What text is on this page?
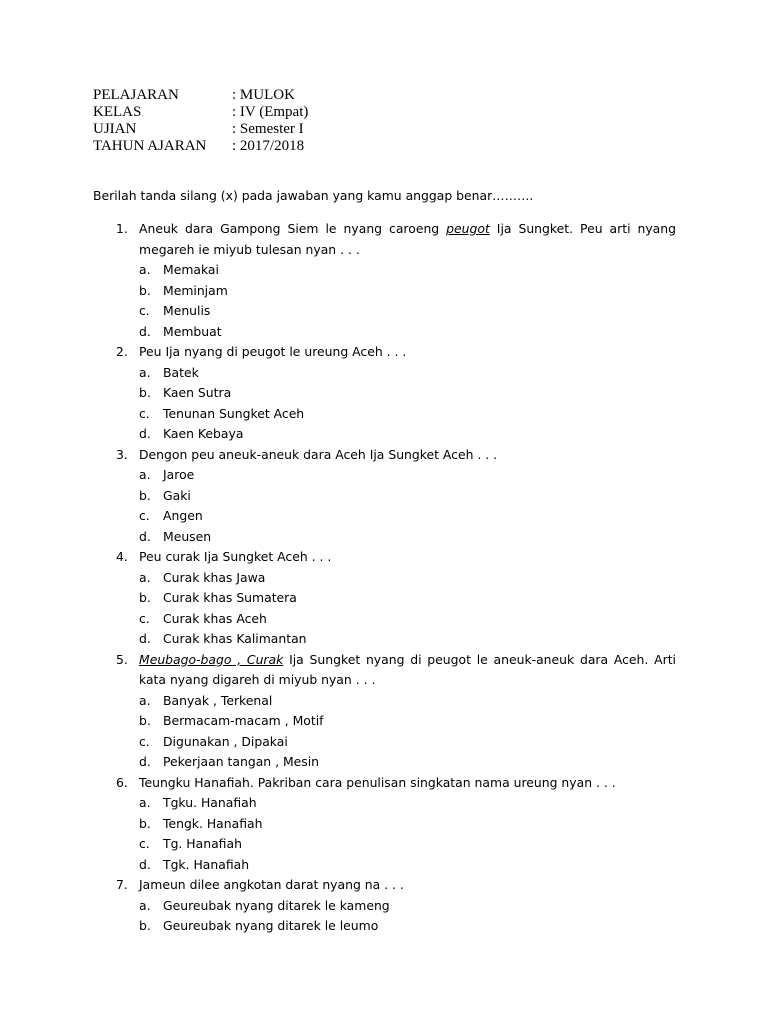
PELAJARAN	: MULOK
KELAS	: IV (Empat)
UJIAN	: Semester I
TAHUN AJARAN	: 2017/2018
Berilah tanda silang (x) pada jawaban yang kamu anggap benar……….
1. Aneuk dara Gampong Siem le nyang caroeng peugot Ija Sungket. Peu arti nyang megareh ie miyub tulesan nyan . . .
a.	Memakai
b. Meminjam
c.	Menulis
d. Membuat
2. Peu Ija nyang di peugot le ureung Aceh . . .
a.	Batek
b. Kaen Sutra
c.	Tenunan Sungket Aceh
d. Kaen Kebaya
3. Dengon peu aneuk-aneuk dara Aceh Ija Sungket Aceh . . .
a.	Jaroe
b. Gaki
c.	Angen
d. Meusen
4. Peu curak Ija Sungket Aceh . . .
a.	Curak khas Jawa
b. Curak khas Sumatera
c.	Curak khas Aceh
d. Curak khas Kalimantan
5. Meubago-bago , Curak Ija Sungket nyang di peugot le aneuk-aneuk dara Aceh. Arti kata nyang digareh di miyub nyan . . .
a.	Banyak , Terkenal
b. Bermacam-macam , Motif
c.	Digunakan , Dipakai
d. Pekerjaan tangan , Mesin
6. Teungku Hanafiah. Pakriban cara penulisan singkatan nama ureung nyan . . .
a.	Tgku. Hanafiah
b. Tengk. Hanafiah
c.	Tg. Hanafiah
d. Tgk. Hanafiah
7. Jameun dilee angkotan darat nyang na . . .
a.	Geureubak nyang ditarek le kameng
b. Geureubak nyang ditarek le leumo
